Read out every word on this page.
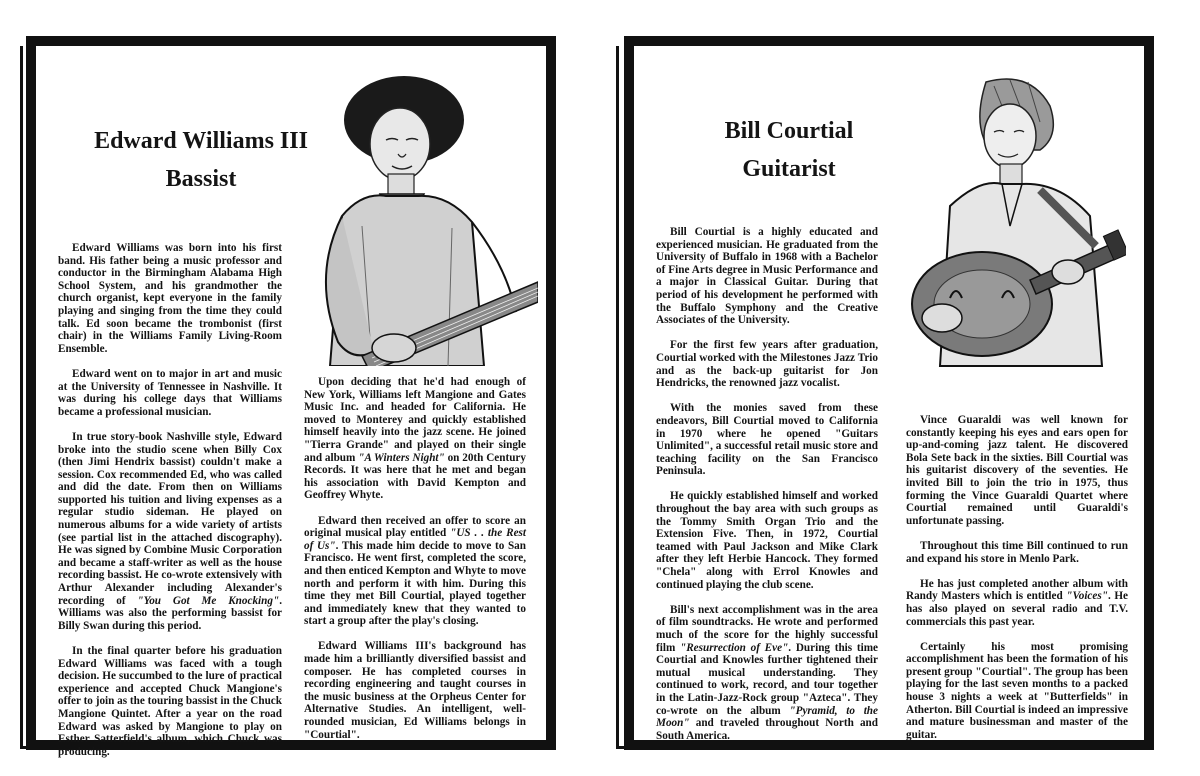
Edward Williams III
Bassist

Edward Williams was born into his first band. His father being a music professor and conductor in the Birmingham Alabama High School System, and his grandmother the church organist, kept everyone in the family playing and singing from the time they could talk. Ed soon became the trombonist (first chair) in the Williams Family Living-Room Ensemble.

Edward went on to major in art and music at the University of Tennessee in Nashville. It was during his college days that Williams became a professional musician.

In true story-book Nashville style, Edward broke into the studio scene when Billy Cox (then Jimi Hendrix bassist) couldn't make a session. Cox recommended Ed, who was called and did the date. From then on Williams supported his tuition and living expenses as a regular studio sideman. He played on numerous albums for a wide variety of artists (see partial list in the attached discography). He was signed by Combine Music Corporation and became a staff-writer as well as the house recording bassist. He co-wrote extensively with Arthur Alexander including Alexander's recording of "You Got Me Knocking". Williams was also the performing bassist for Billy Swan during this period.

In the final quarter before his graduation Edward Williams was faced with a tough decision. He succumbed to the lure of practical experience and accepted Chuck Mangione's offer to join as the touring bassist in the Chuck Mangione Quintet. After a year on the road Edward was asked by Mangione to play on Esther Satterfield's album, which Chuck was producing.

Upon deciding that he'd had enough of New York, Williams left Mangione and Gates Music Inc. and headed for California. He moved to Monterey and quickly established himself heavily into the jazz scene. He joined "Tierra Grande" and played on their single and album "A Winters Night" on 20th Century Records. It was here that he met and began his association with David Kempton and Geoffrey Whyte.

Edward then received an offer to score an original musical play entitled "US . . the Rest of Us". This made him decide to move to San Francisco. He went first, completed the score, and then enticed Kempton and Whyte to move north and perform it with him. During this time they met Bill Courtial, played together and immediately knew that they wanted to start a group after the play's closing.

Edward Williams III's background has made him a brilliantly diversified bassist and composer. He has completed courses in recording engineering and taught courses in the music business at the Orpheus Center for Alternative Studies. An intelligent, well-rounded musician, Ed Williams belongs in "Courtial".

Bill Courtial
Guitarist

Bill Courtial is a highly educated and experienced musician. He graduated from the University of Buffalo in 1968 with a Bachelor of Fine Arts degree in Music Performance and a major in Classical Guitar. During that period of his development he performed with the Buffalo Symphony and the Creative Associates of the University.

For the first few years after graduation, Courtial worked with the Milestones Jazz Trio and as the back-up guitarist for Jon Hendricks, the renowned jazz vocalist.

With the monies saved from these endeavors, Bill Courtial moved to California in 1970 where he opened "Guitars Unlimited", a successful retail music store and teaching facility on the San Francisco Peninsula.

He quickly established himself and worked throughout the bay area with such groups as the Tommy Smith Organ Trio and the Extension Five. Then, in 1972, Courtial teamed with Paul Jackson and Mike Clark after they left Herbie Hancock. They formed "Chela" along with Errol Knowles and continued playing the club scene.

Bill's next accomplishment was in the area of film soundtracks. He wrote and performed much of the score for the highly successful film "Resurrection of Eve". During this time Courtial and Knowles further tightened their mutual musical understanding. They continued to work, record, and tour together in the Latin-Jazz-Rock group "Azteca". They co-wrote on the album "Pyramid, to the Moon" and traveled throughout North and South America.

Vince Guaraldi was well known for constantly keeping his eyes and ears open for up-and-coming jazz talent. He discovered Bola Sete back in the sixties. Bill Courtial was his guitarist discovery of the seventies. He invited Bill to join the trio in 1975, thus forming the Vince Guaraldi Quartet where Courtial remained until Guaraldi's unfortunate passing.

Throughout this time Bill continued to run and expand his store in Menlo Park.

He has just completed another album with Randy Masters which is entitled "Voices". He has also played on several radio and T.V. commercials this past year.

Certainly his most promising accomplishment has been the formation of his present group "Courtial". The group has been playing for the last seven months to a packed house 3 nights a week at "Butterfields" in Atherton. Bill Courtial is indeed an impressive and mature businessman and master of the guitar.
